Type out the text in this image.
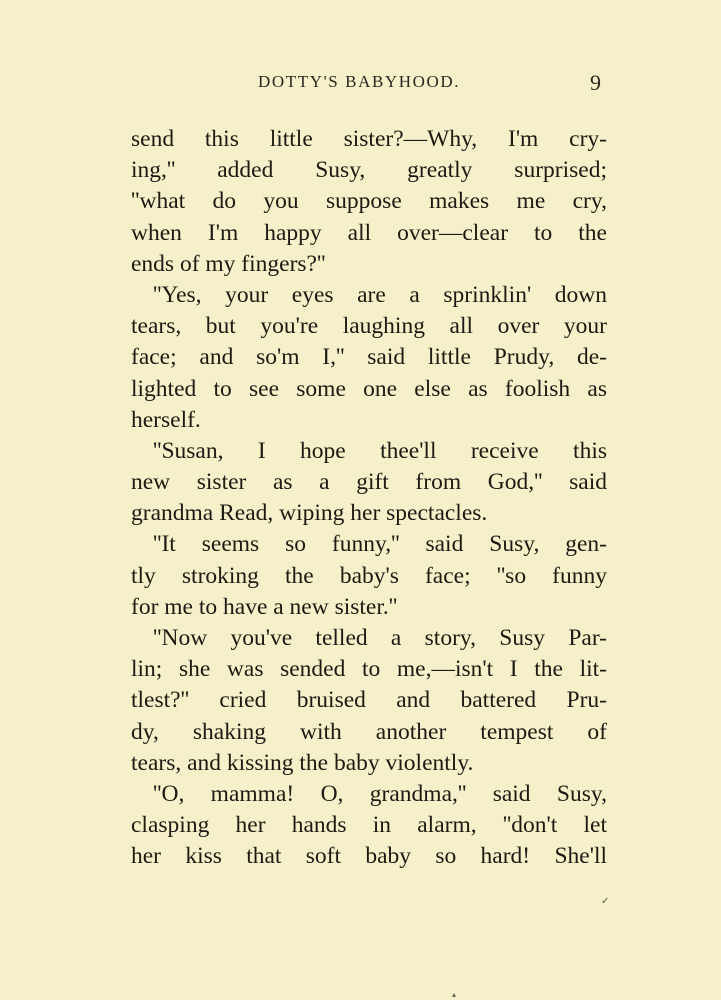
DOTTY'S BABYHOOD.	9
send this little sister?—Why, I'm cry-
ing,'' added Susy, greatly surprised;
''what do you suppose makes me cry,
when I'm happy all over—clear to the
ends of my fingers?''
''Yes, your eyes are a sprinklin' down
tears, but you're laughing all over your
face; and so'm I,'' said little Prudy, de-
lighted to see some one else as foolish as
herself.
''Susan, I hope thee'll receive this
new sister as a gift from God,'' said
grandma Read, wiping her spectacles.
''It seems so funny,'' said Susy, gen-
tly stroking the baby's face; ''so funny
for me to have a new sister.''
''Now you've telled a story, Susy Par-
lin; she was sended to me,—isn't I the lit-
tlest?'' cried bruised and battered Pru-
dy, shaking with another tempest of
tears, and kissing the baby violently.
''O, mamma! O, grandma,'' said Susy,
clasping her hands in alarm, ''don't let
her kiss that soft baby so hard! She'll
✓
▴
